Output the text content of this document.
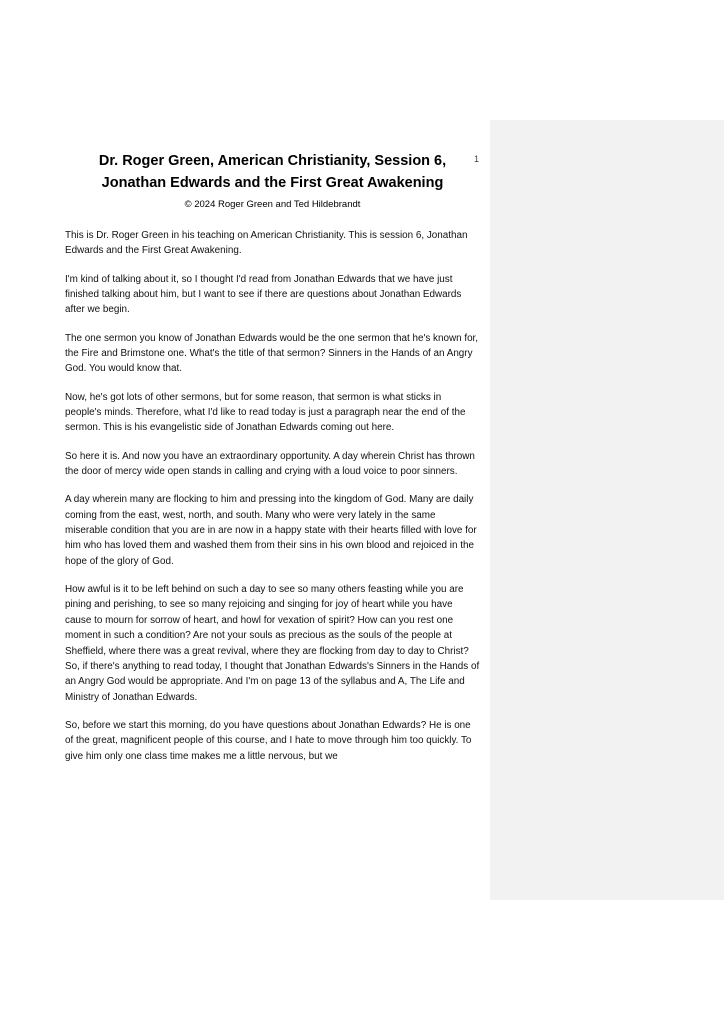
1
Dr. Roger Green, American Christianity, Session 6, Jonathan Edwards and the First Great Awakening
© 2024 Roger Green and Ted Hildebrandt

This is Dr. Roger Green in his teaching on American Christianity. This is session 6, Jonathan Edwards and the First Great Awakening.

I'm kind of talking about it, so I thought I'd read from Jonathan Edwards that we have just finished talking about him, but I want to see if there are questions about Jonathan Edwards after we begin.

The one sermon you know of Jonathan Edwards would be the one sermon that he's known for, the Fire and Brimstone one. What's the title of that sermon? Sinners in the Hands of an Angry God. You would know that.

Now, he's got lots of other sermons, but for some reason, that sermon is what sticks in people's minds. Therefore, what I'd like to read today is just a paragraph near the end of the sermon. This is his evangelistic side of Jonathan Edwards coming out here.

So here it is. And now you have an extraordinary opportunity. A day wherein Christ has thrown the door of mercy wide open stands in calling and crying with a loud voice to poor sinners.

A day wherein many are flocking to him and pressing into the kingdom of God. Many are daily coming from the east, west, north, and south. Many who were very lately in the same miserable condition that you are in are now in a happy state with their hearts filled with love for him who has loved them and washed them from their sins in his own blood and rejoiced in the hope of the glory of God.

How awful is it to be left behind on such a day to see so many others feasting while you are pining and perishing, to see so many rejoicing and singing for joy of heart while you have cause to mourn for sorrow of heart, and howl for vexation of spirit? How can you rest one moment in such a condition? Are not your souls as precious as the souls of the people at Sheffield, where there was a great revival, where they are flocking from day to day to Christ? So, if there's anything to read today, I thought that Jonathan Edwards's Sinners in the Hands of an Angry God would be appropriate. And I'm on page 13 of the syllabus and A, The Life and Ministry of Jonathan Edwards.

So, before we start this morning, do you have questions about Jonathan Edwards? He is one of the great, magnificent people of this course, and I hate to move through him too quickly. To give him only one class time makes me a little nervous, but we
